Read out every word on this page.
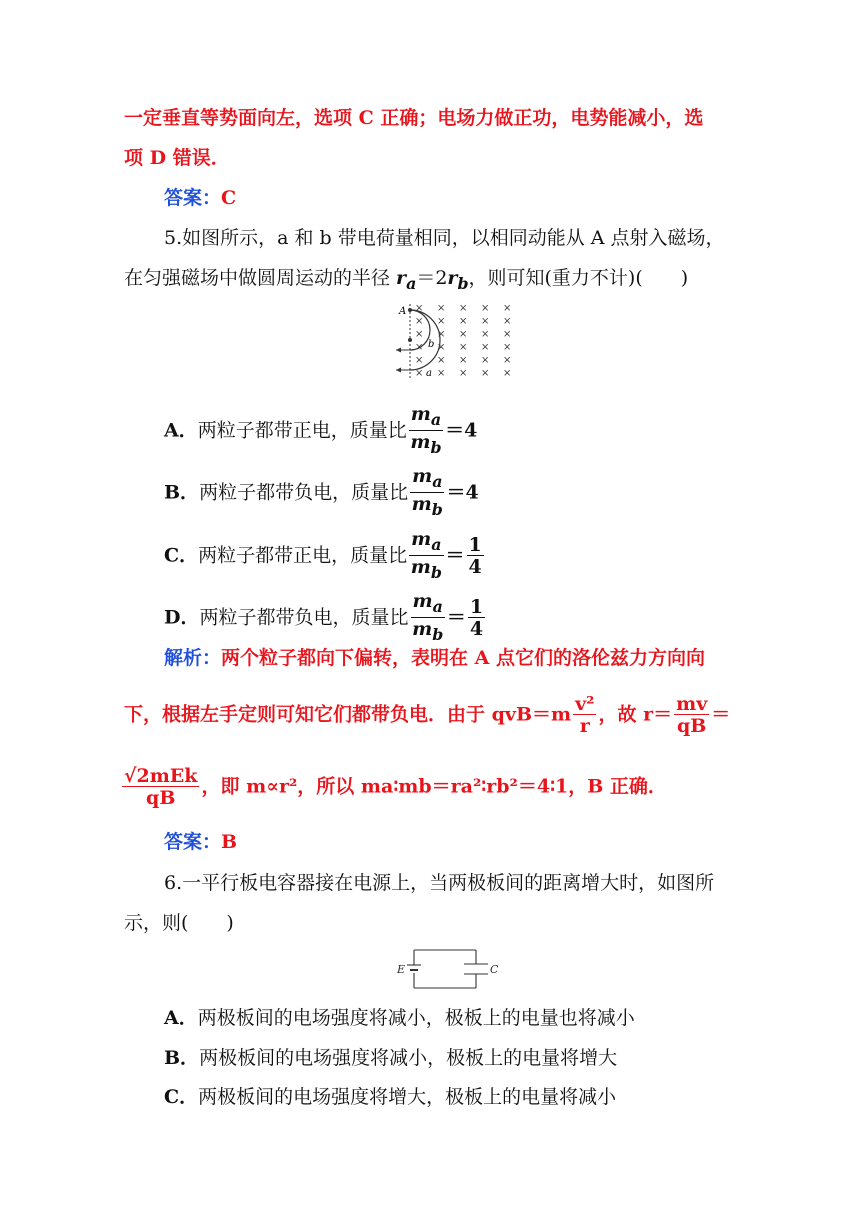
一定垂直等势面向左，选项 C 正确；电场力做正功，电势能减小，选
项 D 错误．
答案：C
5.如图所示，a 和 b 带电荷量相同，以相同动能从 A 点射入磁场，
在匀强磁场中做圆周运动的半径 $r_a=2r_b$，则可知(重力不计)(　　)
× × × × ×
× × × × ×
× × × × ×
× × × × ×
× × × × ×
× × × × ×
A
b
a
A．两粒子都带正电，质量比 $\frac{m_a}{m_b} =4$
B．两粒子都带负电，质量比 $\frac{m_a}{m_b} =4$
C．两粒子都带正电，质量比 $\frac{m_a}{m_b} = \frac{1}{4}$
D．两粒子都带负电，质量比 $\frac{m_a}{m_b} = \frac{1}{4}$
解析：两个粒子都向下偏转，表明在 A 点它们的洛伦兹力方向向
下，根据左手定则可知它们都带负电．由于 $qvB=m \frac{\text{v²}}{r}$ ，故 $r= \frac{mv}{qB}$ ＝
$\frac{\text{√2mEk}}{qB}$ ，即 m∝r²，所以 ma∶mb＝ra²∶rb²＝4∶1，B 正确．
答案：B
6.一平行板电容器接在电源上，当两极板间的距离增大时，如图所
示，则(　　)
E	C
A．两极板间的电场强度将减小，极板上的电量也将减小
B．两极板间的电场强度将减小，极板上的电量将增大
C．两极板间的电场强度将增大，极板上的电量将减小
